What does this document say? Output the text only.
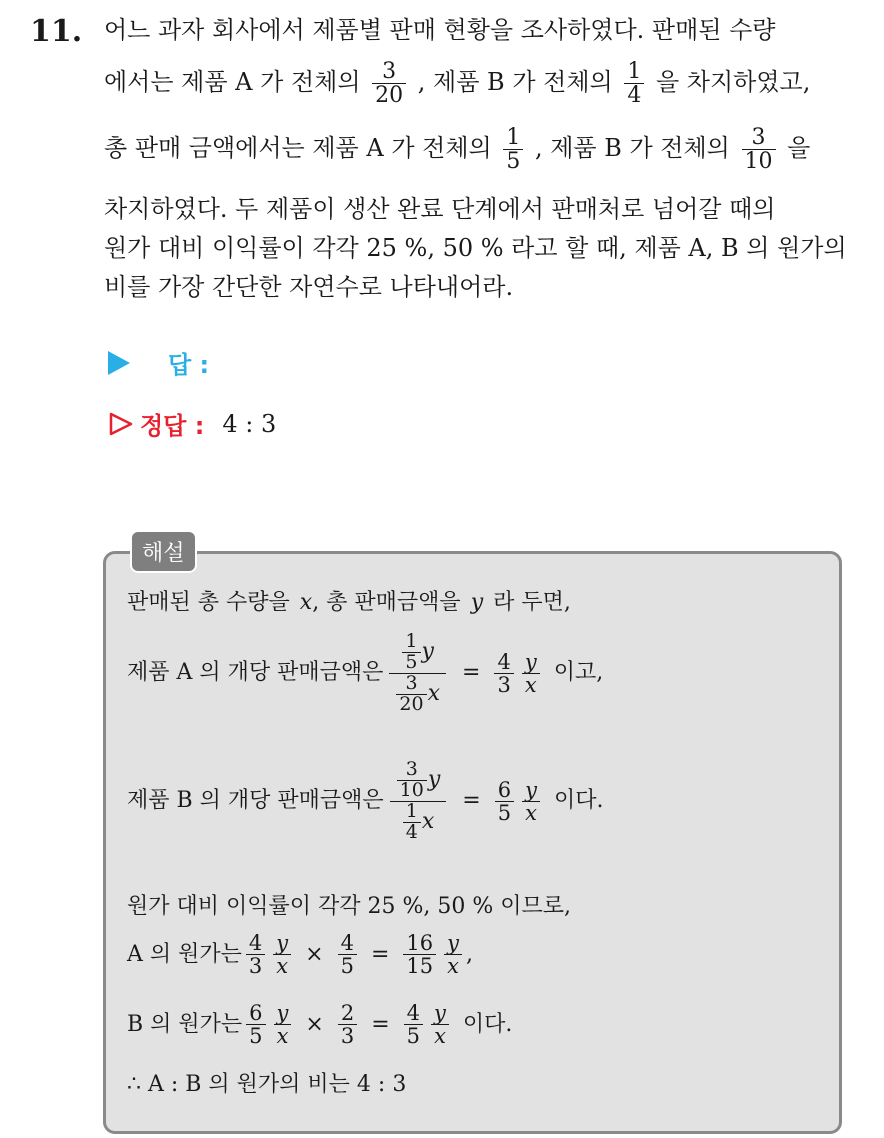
11. 어느 과자 회사에서 제품별 판매 현황을 조사하였다. 판매된 수량
에서는 제품 A 가 전체의 $\frac{3}{20}$ , 제품 B 가 전체의 $\frac{1}{4}$ 을 차지하였고,
총 판매 금액에서는 제품 A 가 전체의 $\frac{1}{5}$ , 제품 B 가 전체의 $\frac{3}{10}$ 을
차지하였다. 두 제품이 생산 완료 단계에서 판매처로 넘어갈 때의
원가 대비 이익률이 각각 25 %, 50 % 라고 할 때, 제품 A, B 의 원가의
비를 가장 간단한 자연수로 나타내어라.
답 :
정답 : 4 : 3
해설
판매된 총 수량을 x , 총 판매금액을 y 라 두면,
제품 A 의 개당 판매금액은 $\frac{\frac{1}{5} y}{\frac{3}{20} x} = \frac{4}{3} \frac{y}{x}$ 이고,
제품 B 의 개당 판매금액은 $\frac{\frac{3}{10} y}{\frac{1}{4} x} = \frac{6}{5} \frac{y}{x}$ 이다.
원가 대비 이익률이 각각 25 %, 50 % 이므로,
A 의 원가는 $\frac{4}{3} \frac{y}{x} \times \frac{4}{5} = \frac{16}{15} \frac{y}{x}$ ,
B 의 원가는 $\frac{6}{5} \frac{y}{x} \times \frac{2}{3} = \frac{4}{5} \frac{y}{x}$ 이다.
∴ A : B 의 원가의 비는 4 : 3
